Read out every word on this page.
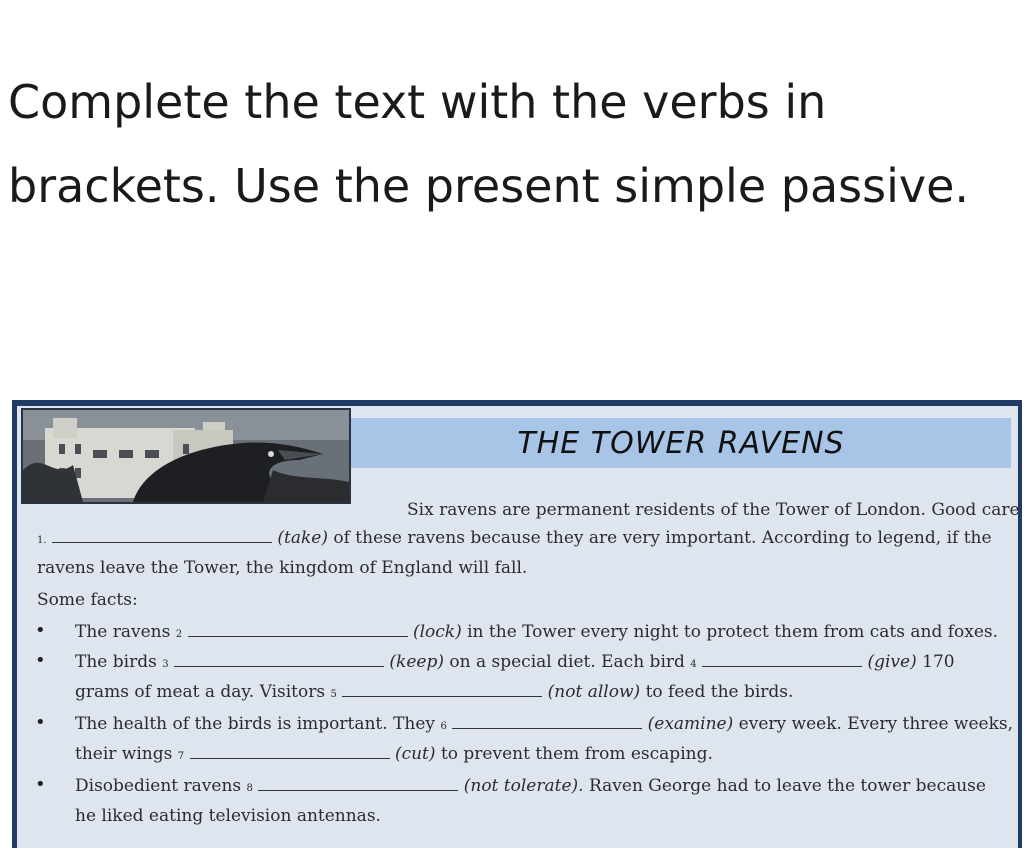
Complete the text with the verbs in brackets. Use the present simple passive.
THE TOWER RAVENS
Six ravens are permanent residents of the Tower of London. Good care
1.	(take) of these ravens because they are very important. According to legend, if the
ravens leave the Tower, the kingdom of England will fall.
Some facts:
• The ravens 2	(lock) in the Tower every night to protect them from cats and foxes.
• The birds 3	(keep) on a special diet. Each bird 4	(give) 170
grams of meat a day. Visitors 5	(not allow) to feed the birds.
• The health of the birds is important. They 6	(examine) every week. Every three weeks,
their wings 7	(cut) to prevent them from escaping.
• Disobedient ravens 8	(not tolerate). Raven George had to leave the tower because
he liked eating television antennas.
